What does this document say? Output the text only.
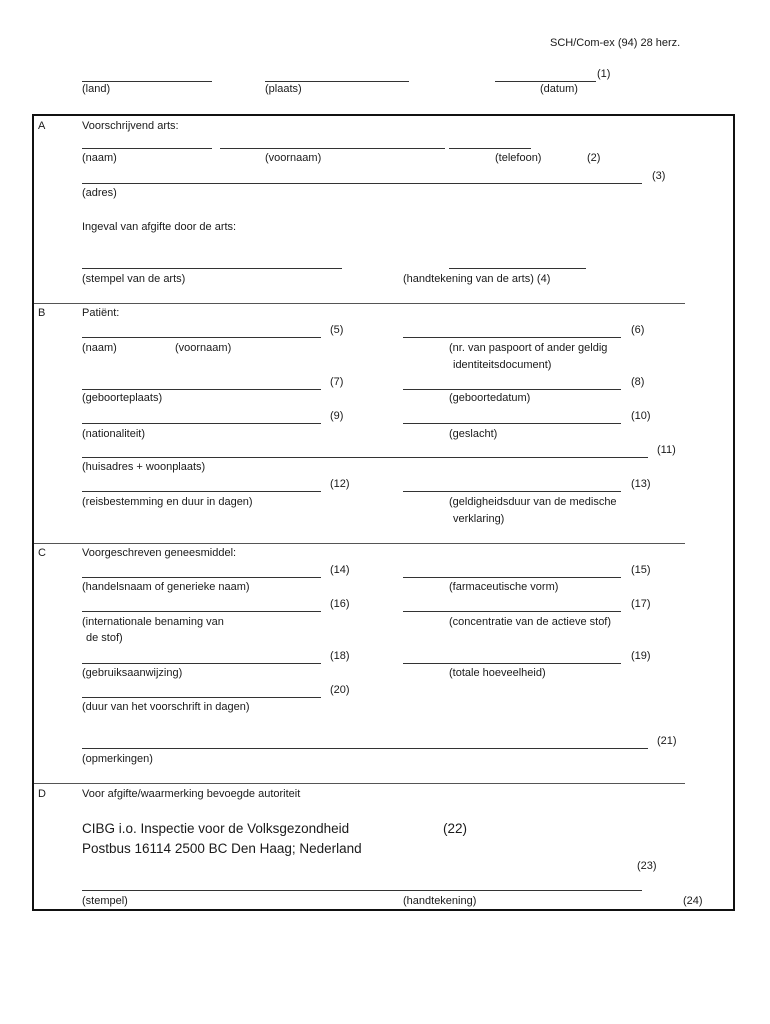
SCH/Com-ex (94) 28 herz.
(1)
(land)	(plaats)	(datum)
A	Voorschrijvend arts:
(naam)	(voornaam)	(telefoon)	(2)
(3)
(adres)
Ingeval van afgifte door de arts:
(stempel van de arts)	(handtekening van de arts) (4)
B	Patiënt:
(5)	(6)
(naam)	(voornaam)	(nr. van paspoort of ander geldig
identiteitsdocument)
(7)	(8)
(geboorteplaats)	(geboortedatum)
(9)	(10)
(nationaliteit)	(geslacht)
(11)
(huisadres + woonplaats)
(12)	(13)
(reisbestemming en duur in dagen)	(geldigheidsduur van de medische
verklaring)
C	Voorgeschreven geneesmiddel:
(14)	(15)
(handelsnaam of generieke naam)	(farmaceutische vorm)
(16)	(17)
(internationale benaming van
de stof)
(concentratie van de actieve stof)
(18)	(19)
(gebruiksaanwijzing)	(totale hoeveelheid)
(20)
(duur van het voorschrift in dagen)
(21)
(opmerkingen)
D	Voor afgifte/waarmerking bevoegde autoriteit
CIBG i.o. Inspectie voor de Volksgezondheid	(22)
Postbus 16114 2500 BC Den Haag; Nederland
(23)
(stempel)	(handtekening)	(24)
